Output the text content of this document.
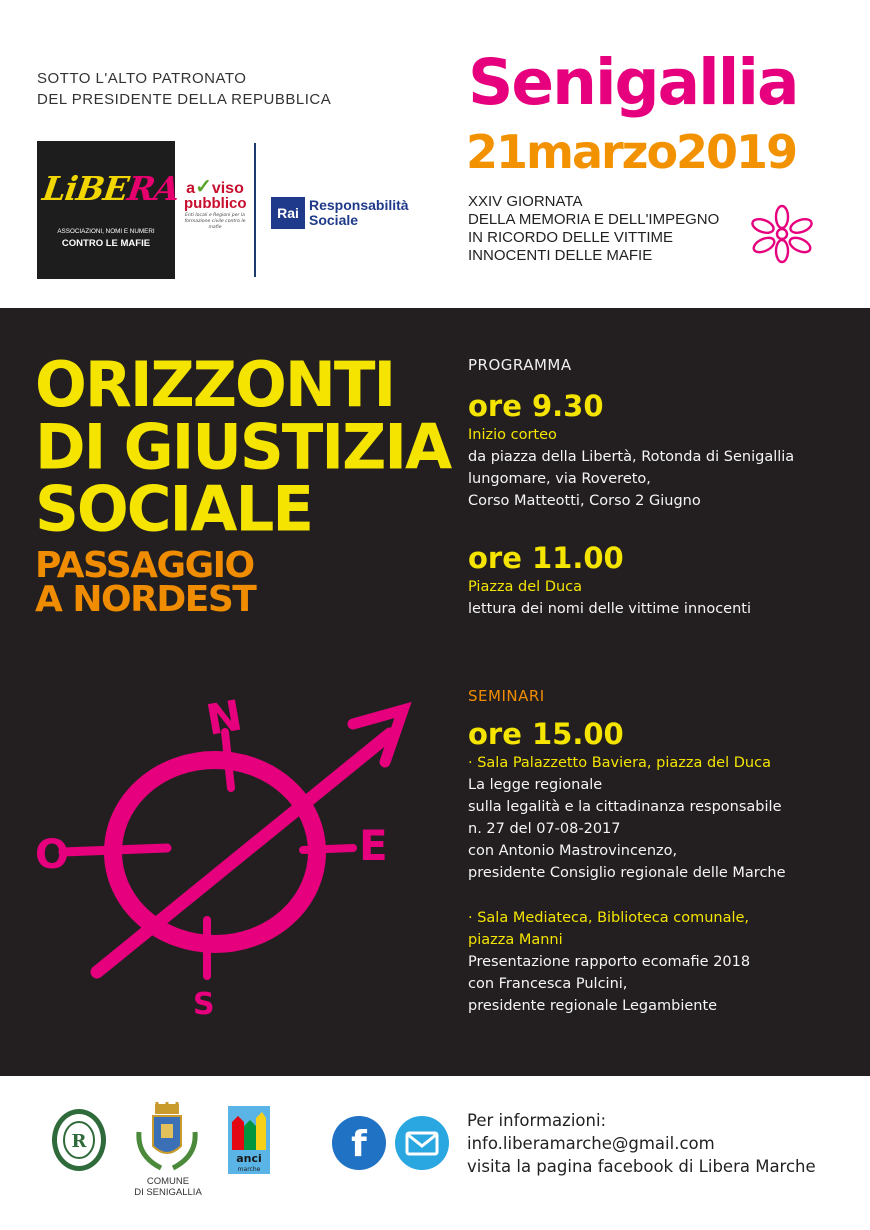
SOTTO L'ALTO PATRONATO
DEL PRESIDENTE DELLA REPUBBLICA
LiBERA
ASSOCIAZIONI, NOMI E NUMERI
CONTRO LE MAFIE
a✓viso
pubblico
Enti locali e Regioni per la formazione civile contro le mafie
Rai Responsabilità
Sociale
Senigallia
21marzo2019
XXIV GIORNATA
DELLA MEMORIA E DELL'IMPEGNO
IN RICORDO DELLE VITTIME
INNOCENTI DELLE MAFIE
ORIZZONTI
DI GIUSTIZIA
SOCIALE
PASSAGGIO
A NORDEST
N
E
S
O
PROGRAMMA
ore 9.30
Inizio corteo
da piazza della Libertà, Rotonda di Senigallia
lungomare, via Rovereto,
Corso Matteotti, Corso 2 Giugno
ore 11.00
Piazza del Duca
lettura dei nomi delle vittime innocenti
SEMINARI
ore 15.00
· Sala Palazzetto Baviera, piazza del Duca
La legge regionale
sulla legalità e la cittadinanza responsabile
n. 27 del 07-08-2017
con Antonio Mastrovincenzo,
presidente Consiglio regionale delle Marche
· Sala Mediateca, Biblioteca comunale,
piazza Manni
Presentazione rapporto ecomafie 2018
con Francesca Pulcini,
presidente regionale Legambiente
R
COMUNE
DI SENIGALLIA
anci
marche
f
Per informazioni:
info.liberamarche@gmail.com
visita la pagina facebook di Libera Marche
